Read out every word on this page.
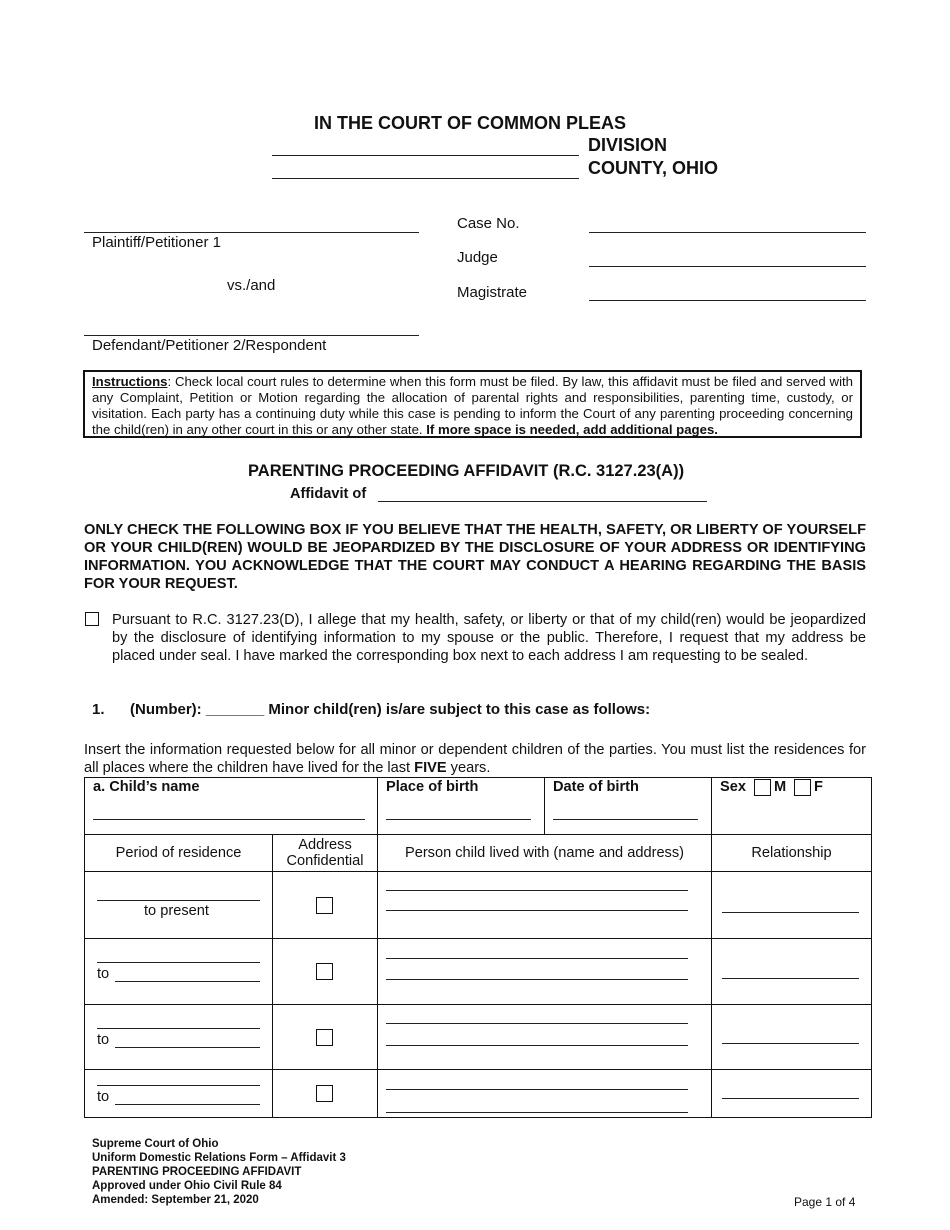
IN THE COURT OF COMMON PLEAS
DIVISION
COUNTY, OHIO
Plaintiff/Petitioner 1
vs./and
Defendant/Petitioner 2/Respondent
Case No.
Judge
Magistrate
Instructions: Check local court rules to determine when this form must be filed. By law, this affidavit must be filed and served with any Complaint, Petition or Motion regarding the allocation of parental rights and responsibilities, parenting time, custody, or visitation. Each party has a continuing duty while this case is pending to inform the Court of any parenting proceeding concerning the child(ren) in any other court in this or any other state. If more space is needed, add additional pages.
PARENTING PROCEEDING AFFIDAVIT (R.C. 3127.23(A))
Affidavit of
ONLY CHECK THE FOLLOWING BOX IF YOU BELIEVE THAT THE HEALTH, SAFETY, OR LIBERTY OF YOURSELF OR YOUR CHILD(REN) WOULD BE JEOPARDIZED BY THE DISCLOSURE OF YOUR ADDRESS OR IDENTIFYING INFORMATION. YOU ACKNOWLEDGE THAT THE COURT MAY CONDUCT A HEARING REGARDING THE BASIS FOR YOUR REQUEST.
Pursuant to R.C. 3127.23(D), I allege that my health, safety, or liberty or that of my child(ren) would be jeopardized by the disclosure of identifying information to my spouse or the public. Therefore, I request that my address be placed under seal. I have marked the corresponding box next to each address I am requesting to be sealed.
1. (Number): _______ Minor child(ren) is/are subject to this case as follows:
Insert the information requested below for all minor or dependent children of the parties. You must list the residences for all places where the children have lived for the last FIVE years.
a. Child’s name		Place of birth	Date of birth	Sex M F

Period of residence	Address Confidential	Person child lived with (name and address)		Relationship

to present				

to				

to				

to				

Supreme Court of Ohio
Uniform Domestic Relations Form – Affidavit 3
PARENTING PROCEEDING AFFIDAVIT
Approved under Ohio Civil Rule 84
Amended: September 21, 2020	Page 1 of 4
